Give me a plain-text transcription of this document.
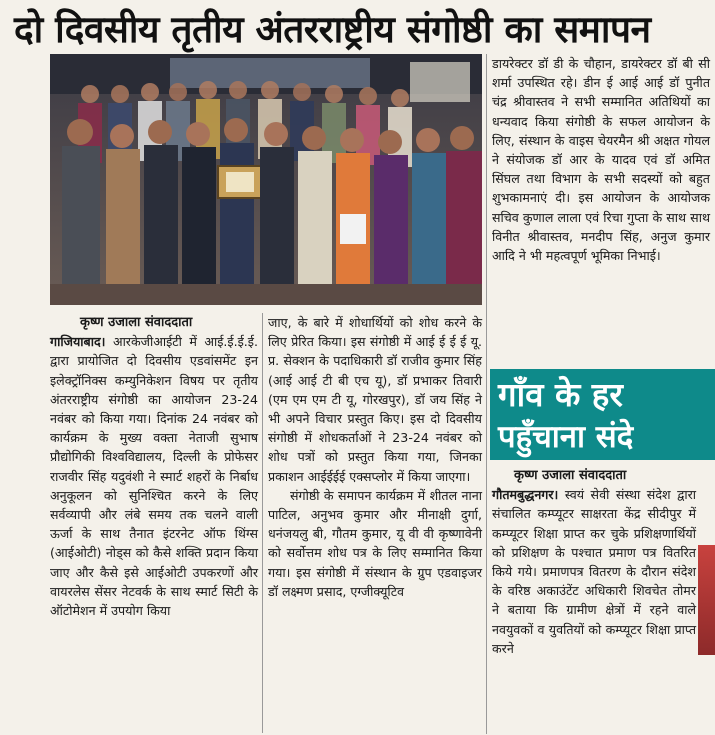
दो दिवसीय तृतीय अंतरराष्ट्रीय संगोष्ठी का समापन
कृष्ण उजाला संवाददाता

गाजियाबाद। आरकेजीआईटी में आई.ई.ई.ई. द्वारा प्रायोजित दो दिवसीय एडवांसमेंट इन इलेक्ट्रॉनिक्स कम्युनिकेशन विषय पर तृतीय अंतरराष्ट्रीय संगोष्ठी का आयोजन 23-24 नवंबर को किया गया। दिनांक 24 नवंबर को कार्यक्रम के मुख्य वक्ता नेताजी सुभाष प्रौद्योगिकी विश्वविद्यालय, दिल्ली के प्रोफेसर राजवीर सिंह यदुवंशी ने स्मार्ट शहरों के निर्बाध अनुकूलन को सुनिश्चित करने के लिए सर्वव्यापी और लंबे समय तक चलने वाली ऊर्जा के साथ तैनात इंटरनेट ऑफ थिंग्स (आईओटी) नोड्स को कैसे शक्ति प्रदान किया जाए और कैसे इसे आईओटी उपकरणों और वायरलेस सेंसर नेटवर्क के साथ स्मार्ट सिटी के ऑटोमेशन में उपयोग किया

जाए, के बारे में शोधार्थियों को शोध करने के लिए प्रेरित किया। इस संगोष्ठी में आई ई ई ई यू. प्र. सेक्शन के पदाधिकारी डॉ राजीव कुमार सिंह (आई आई टी बी एच यू), डॉ प्रभाकर तिवारी (एम एम एम टी यू, गोरखपुर), डॉ जय सिंह ने भी अपने विचार प्रस्तुत किए। इस दो दिवसीय संगोष्ठी में शोधकर्ताओं ने 23-24 नवंबर को शोध पत्रों को प्रस्तुत किया गया, जिनका प्रकाशन आईईईई एक्सप्लोर में किया जाएगा।

संगोष्ठी के समापन कार्यक्रम में शीतल नाना पाटिल, अनुभव कुमार और मीनाक्षी दुर्गा, धनंजयलु बी, गौतम कुमार, यू वी वी कृष्णावेनी को सर्वोत्तम शोध पत्र के लिए सम्मानित किया गया। इस संगोष्ठी में संस्थान के ग्रुप एडवाइजर डॉ लक्ष्मण प्रसाद, एग्जीक्यूटिव

डायरेक्टर डॉ डी के चौहान, डायरेक्टर डॉ बी सी शर्मा उपस्थित रहे। डीन ई आई आई डॉ पुनीत चंद्र श्रीवास्तव ने सभी सम्मानित अतिथियों का धन्यवाद किया संगोष्ठी के सफल आयोजन के लिए, संस्थान के वाइस चेयरमैन श्री अक्षत गोयल ने संयोजक डॉ आर के यादव एवं डॉ अमित सिंघल तथा विभाग के सभी सदस्यों को बहुत शुभकामनाएं दी। इस आयोजन के आयोजक सचिव कुणाल लाला एवं रिचा गुप्ता के साथ साथ विनीत श्रीवास्तव, मनदीप सिंह, अनुज कुमार आदि ने भी महत्वपूर्ण भूमिका निभाई।

गाँव के हर
पहुँचाना संदे
कृष्ण उजाला संवाददाता

गौतमबुद्धनगर। स्वयं सेवी संस्था संदेश द्वारा संचालित कम्प्यूटर साक्षरता केंद्र सीदीपुर में कम्प्यूटर शिक्षा प्राप्त कर चुके प्रशिक्षणार्थियों को प्रशिक्षण के पश्चात प्रमाण पत्र वितरित किये गये। प्रमाणपत्र वितरण के दौरान संदेश के वरिष्ठ अकाउंटेंट अधिकारी शिवचेत तोमर ने बताया कि ग्रामीण क्षेत्रों में रहने वाले नवयुवकों व युवतियों को कम्प्यूटर शिक्षा प्राप्त करने
